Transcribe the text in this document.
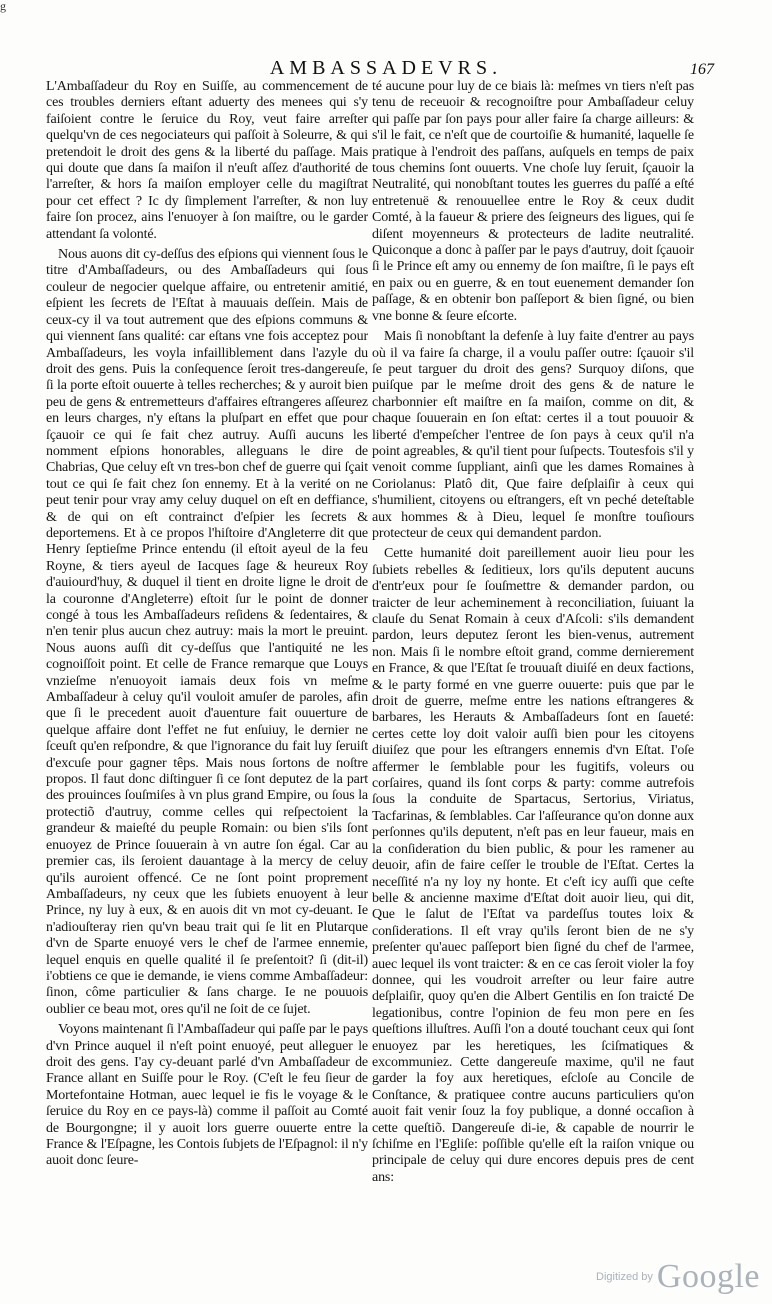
g
AMBASSADEVRS.	167

L'Ambaſſadeur du Roy en Suiſſe, au commencement de ces troubles derniers eſtant aduerty des menees qui s'y faiſoient contre le ſeruice du Roy, veut faire arreſter quelqu'vn de ces negociateurs qui paſſoit à Soleurre, & qui pretendoit le droit des gens & la liberté du paſſage. Mais qui doute que dans ſa maiſon il n'euſt aſſez d'authorité de l'arreſter, & hors ſa maiſon employer celle du magiſtrat pour cet effect ? Ic dy ſimplement l'arreſter, & non luy faire ſon procez, ains l'enuoyer à ſon maiſtre, ou le garder attendant ſa volonté.

Nous auons dit cy-deſſus des eſpions qui viennent ſous le titre d'Ambaſſadeurs, ou des Ambaſſadeurs qui ſous couleur de negocier quelque affaire, ou entretenir amitié, eſpient les ſecrets de l'Eſtat à mauuais deſſein. Mais de ceux-cy il va tout autrement que des eſpions communs & qui viennent ſans qualité: car eſtans vne fois acceptez pour Ambaſſadeurs, les voyla infailliblement dans l'azyle du droit des gens. Puis la conſequence ſeroit tres-dangereuſe, ſi la porte eſtoit ouuerte à telles recherches; & y auroit bien peu de gens & entremetteurs d'affaires eſtrangeres aſſeurez en leurs charges, n'y eſtans la pluſpart en effet que pour ſçauoir ce qui ſe fait chez autruy. Auſſi aucuns les nomment eſpions honorables, alleguans le dire de Chabrias, Que celuy eſt vn tres-bon chef de guerre qui ſçait tout ce qui ſe fait chez ſon ennemy. Et à la verité on ne peut tenir pour vray amy celuy duquel on eſt en deffiance, & de qui on eſt contrainct d'eſpier les ſecrets & deportemens. Et à ce propos l'hiſtoire d'Angleterre dit que Henry ſeptieſme Prince entendu (il eſtoit ayeul de la feu Royne, & tiers ayeul de Iacques ſage & heureux Roy d'auiourd'huy, & duquel il tient en droite ligne le droit de la couronne d'Angleterre) eſtoit ſur le point de donner congé à tous les Ambaſſadeurs reſidens & ſedentaires, & n'en tenir plus aucun chez autruy: mais la mort le preuint. Nous auons auſſi dit cy-deſſus que l'antiquité ne les cognoiſſoit point. Et celle de France remarque que Louys vnzieſme n'enuoyoit iamais deux fois vn meſme Ambaſſadeur à celuy qu'il vouloit amuſer de paroles, afin que ſi le precedent auoit d'auenture fait ouuerture de quelque affaire dont l'effet ne fut enſuiuy, le dernier ne ſceuſt qu'en reſpondre, & que l'ignorance du fait luy ſeruiſt d'excuſe pour gagner têps. Mais nous ſortons de noſtre propos. Il faut donc diſtinguer ſi ce ſont deputez de la part des prouinces ſouſmiſes à vn plus grand Empire, ou ſous la protectiõ d'autruy, comme celles qui reſpectoient la grandeur & maieſté du peuple Romain: ou bien s'ils ſont enuoyez de Prince ſouuerain à vn autre ſon égal. Car au premier cas, ils ſeroient dauantage à la mercy de celuy qu'ils auroient offencé. Ce ne ſont point proprement Ambaſſadeurs, ny ceux que les ſubiets enuoyent à leur Prince, ny luy à eux, & en auois dit vn mot cy-deuant. Ie n'adiouſteray rien qu'vn beau trait qui ſe lit en Plutarque d'vn de Sparte enuoyé vers le chef de l'armee ennemie, lequel enquis en quelle qualité il ſe preſentoit? ſi (dit-il) i'obtiens ce que ie demande, ie viens comme Ambaſſadeur: ſinon, côme particulier & ſans charge. Ie ne pouuois oublier ce beau mot, ores qu'il ne ſoit de ce ſujet.

Voyons maintenant ſi l'Ambaſſadeur qui paſſe par le pays d'vn Prince auquel il n'eſt point enuoyé, peut alleguer le droit des gens. I'ay cy-deuant parlé d'vn Ambaſſadeur de France allant en Suiſſe pour le Roy. (C'eſt le feu ſieur de Mortefontaine Hotman, auec lequel ie fis le voyage & le ſeruice du Roy en ce pays-là) comme il paſſoit au Comté de Bourgongne; il y auoit lors guerre ouuerte entre la France & l'Eſpagne, les Contois ſubjets de l'Eſpagnol: il n'y auoit donc ſeure-

té aucune pour luy de ce biais là: meſmes vn tiers n'eſt pas tenu de receuoir & recognoiſtre pour Ambaſſadeur celuy qui paſſe par ſon pays pour aller faire ſa charge ailleurs: & s'il le fait, ce n'eſt que de courtoiſie & humanité, laquelle ſe pratique à l'endroit des paſſans, auſquels en temps de paix tous chemins ſont ouuerts. Vne choſe luy ſeruit, ſçauoir la Neutralité, qui nonobſtant toutes les guerres du paſſé a eſté entretenuë & renouuellee entre le Roy & ceux dudit Comté, à la faueur & priere des ſeigneurs des ligues, qui ſe diſent moyenneurs & protecteurs de ladite neutralité. Quiconque a donc à paſſer par le pays d'autruy, doit ſçauoir ſi le Prince eſt amy ou ennemy de ſon maiſtre, ſi le pays eſt en paix ou en guerre, & en tout euenement demander ſon paſſage, & en obtenir bon paſſeport & bien ſigné, ou bien vne bonne & ſeure eſcorte.

Mais ſi nonobſtant la defenſe à luy faite d'entrer au pays où il va faire ſa charge, il a voulu paſſer outre: ſçauoir s'il ſe peut targuer du droit des gens? Surquoy diſons, que puiſque par le meſme droit des gens & de nature le charbonnier eſt maiſtre en ſa maiſon, comme on dit, & chaque ſouuerain en ſon eſtat: certes il a tout pouuoir & liberté d'empeſcher l'entree de ſon pays à ceux qu'il n'a point agreables, & qu'il tient pour ſuſpects. Toutesfois s'il y venoit comme ſuppliant, ainſi que les dames Romaines à Coriolanus: Platô dit, Que faire deſplaiſir à ceux qui s'humilient, citoyens ou eſtrangers, eſt vn peché deteſtable aux hommes & à Dieu, lequel ſe monſtre touſiours protecteur de ceux qui demandent pardon.

Cette humanité doit pareillement auoir lieu pour les ſubiets rebelles & ſeditieux, lors qu'ils deputent aucuns d'entr'eux pour ſe ſouſmettre & demander pardon, ou traicter de leur acheminement à reconciliation, ſuiuant la clauſe du Senat Romain à ceux d'Aſcoli: s'ils demandent pardon, leurs deputez ſeront les bien-venus, autrement non. Mais ſi le nombre eſtoit grand, comme dernierement en France, & que l'Eſtat ſe trouuaſt diuiſé en deux factions, & le party formé en vne guerre ouuerte: puis que par le droit de guerre, meſme entre les nations eſtrangeres & barbares, les Herauts & Ambaſſadeurs ſont en ſaueté: certes cette loy doit valoir auſſi bien pour les citoyens diuiſez que pour les eſtrangers ennemis d'vn Eſtat. I'oſe affermer le ſemblable pour les fugitifs, voleurs ou corſaires, quand ils ſont corps & party: comme autrefois ſous la conduite de Spartacus, Sertorius, Viriatus, Tacfarinas, & ſemblables. Car l'aſſeurance qu'on donne aux perſonnes qu'ils deputent, n'eſt pas en leur faueur, mais en la conſideration du bien public, & pour les ramener au deuoir, afin de faire ceſſer le trouble de l'Eſtat. Certes la neceſſité n'a ny loy ny honte. Et c'eſt icy auſſi que ceſte belle & ancienne maxime d'Eſtat doit auoir lieu, qui dit, Que le ſalut de l'Eſtat va pardeſſus toutes loix & conſiderations. Il eſt vray qu'ils ſeront bien de ne s'y preſenter qu'auec paſſeport bien ſigné du chef de l'armee, auec lequel ils vont traicter: & en ce cas ſeroit violer la foy donnee, qui les voudroit arreſter ou leur faire autre deſplaiſir, quoy qu'en die Albert Gentilis en ſon traicté De legationibus, contre l'opinion de feu mon pere en ſes queſtions illuſtres. Auſſi l'on a douté touchant ceux qui ſont enuoyez par les heretiques, les ſciſmatiques & excommuniez. Cette dangereuſe maxime, qu'il ne faut garder la foy aux heretiques, eſcloſe au Concile de Conſtance, & pratiquee contre aucuns particuliers qu'on auoit fait venir ſouz la foy publique, a donné occaſion à cette queſtiõ. Dangereuſe di-ie, & capable de nourrir le ſchiſme en l'Egliſe: poſſible qu'elle eſt la raiſon vnique ou principale de celuy qui dure encores depuis pres de cent ans:

Digitized by Google
